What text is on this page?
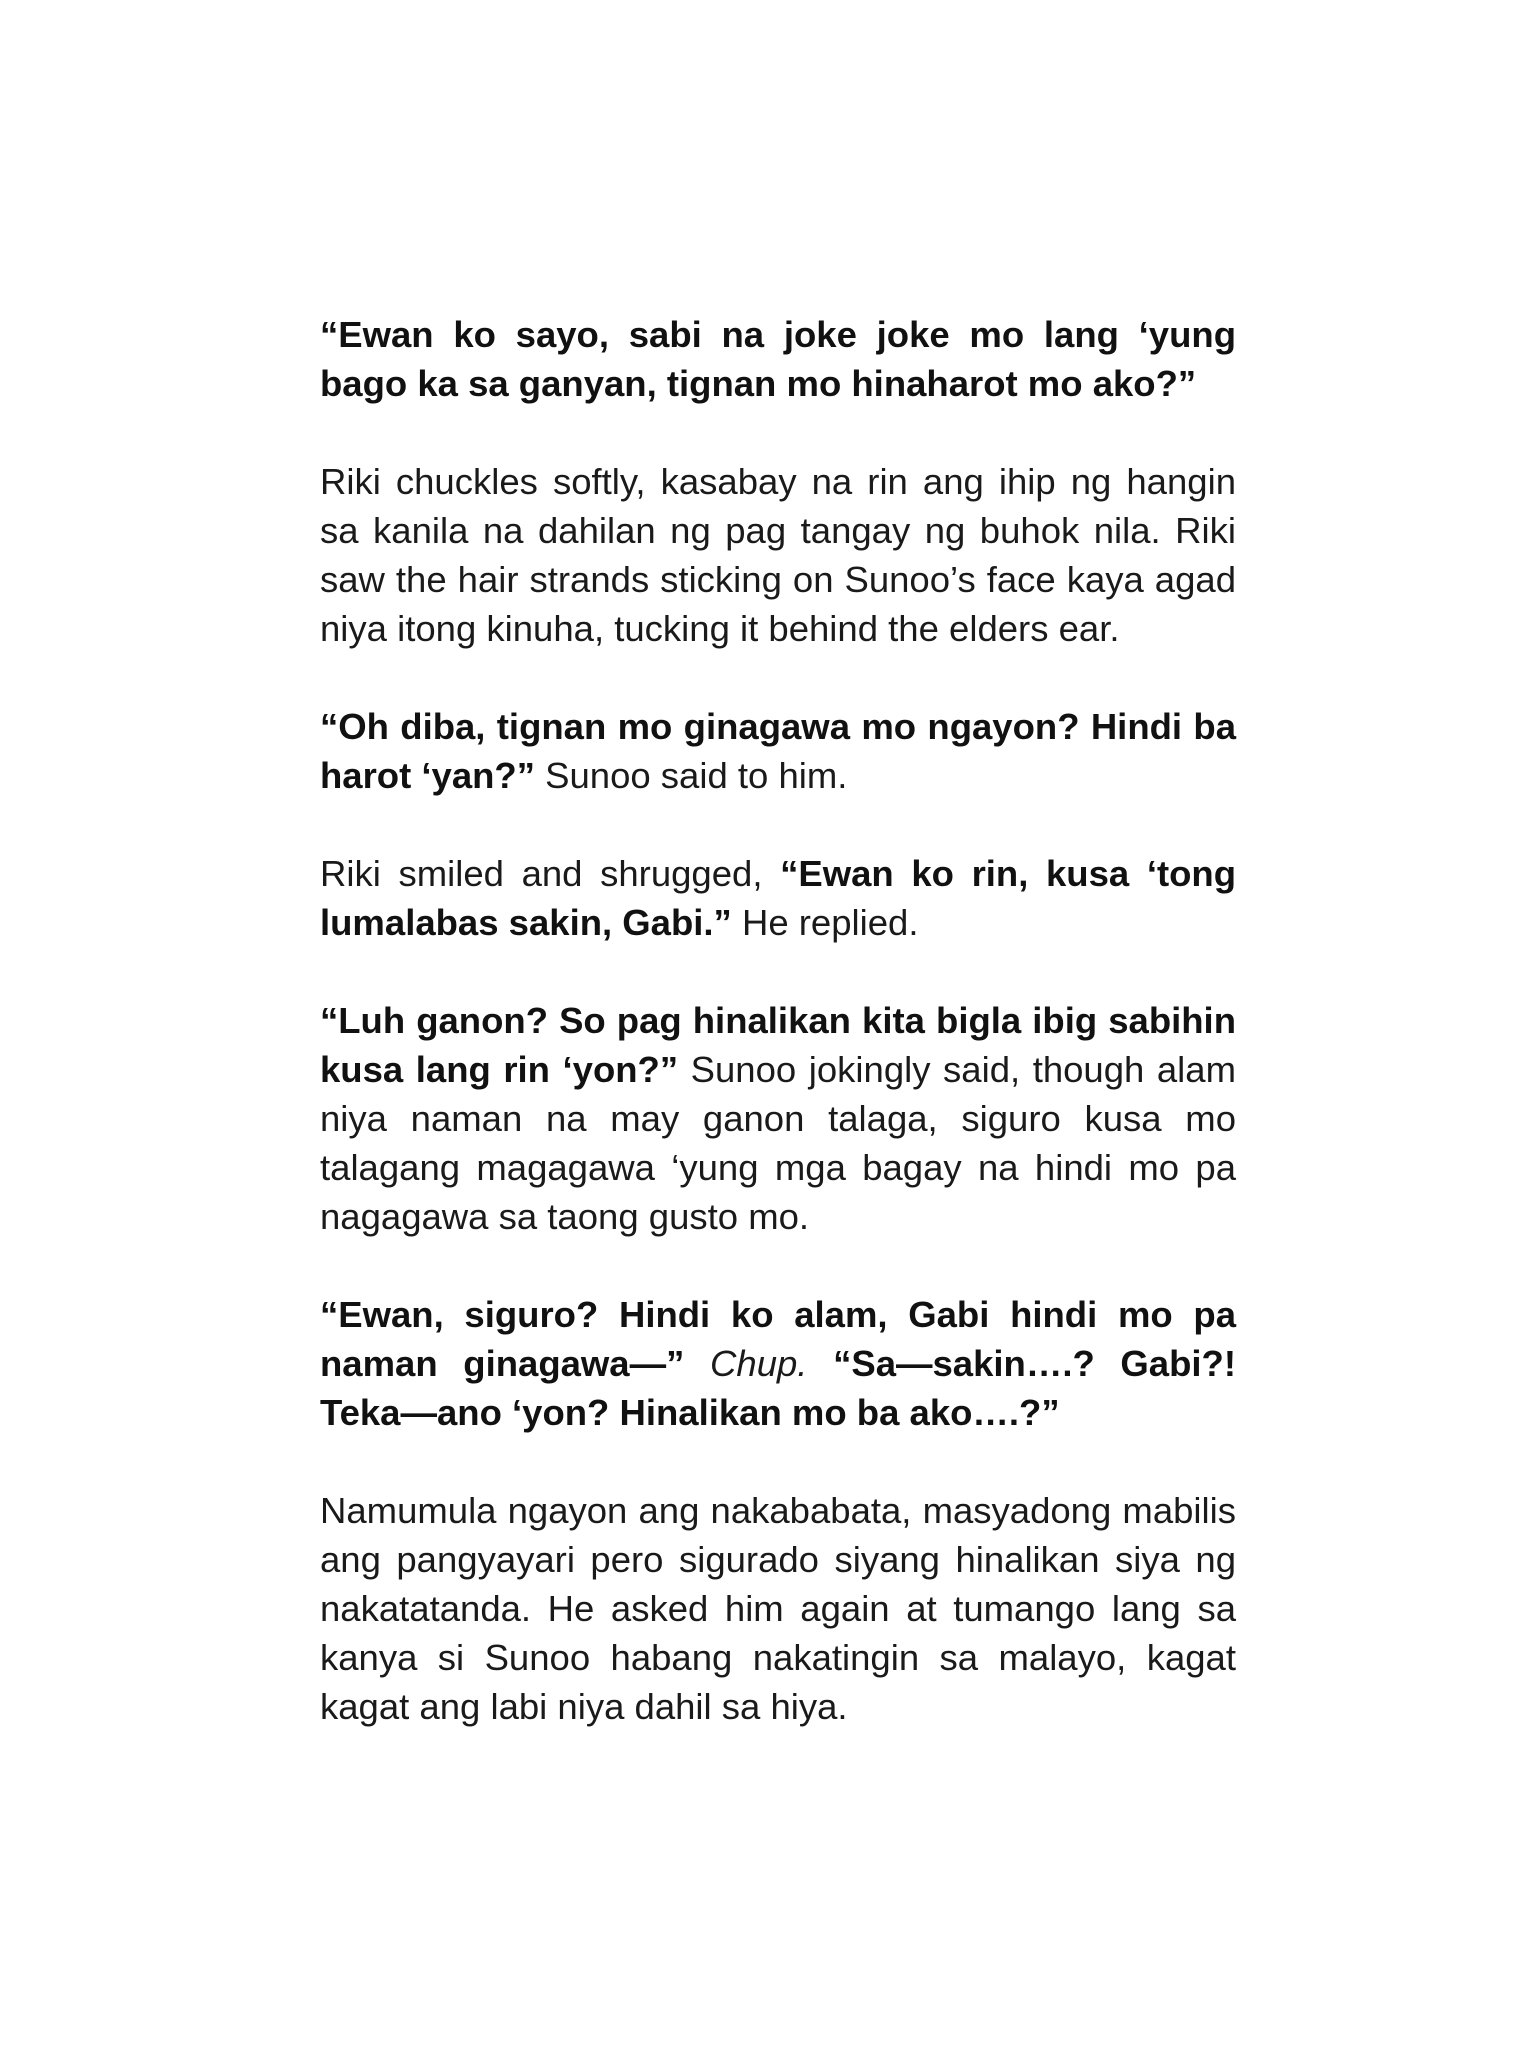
“Ewan ko sayo, sabi na joke joke mo lang ‘yung bago ka sa ganyan, tignan mo hinaharot mo ako?”

Riki chuckles softly, kasabay na rin ang ihip ng hangin sa kanila na dahilan ng pag tangay ng buhok nila. Riki saw the hair strands sticking on Sunoo’s face kaya agad niya itong kinuha, tucking it behind the elders ear.

“Oh diba, tignan mo ginagawa mo ngayon? Hindi ba harot ‘yan?” Sunoo said to him.

Riki smiled and shrugged, “Ewan ko rin, kusa ‘tong lumalabas sakin, Gabi.” He replied.

“Luh ganon? So pag hinalikan kita bigla ibig sabihin kusa lang rin ‘yon?” Sunoo jokingly said, though alam niya naman na may ganon talaga, siguro kusa mo talagang magagawa ‘yung mga bagay na hindi mo pa nagagawa sa taong gusto mo.

“Ewan, siguro? Hindi ko alam, Gabi hindi mo pa naman ginagawa—” Chup. “Sa—sakin….? Gabi?! Teka—ano ‘yon? Hinalikan mo ba ako….?”

Namumula ngayon ang nakababata, masyadong mabilis ang pangyayari pero sigurado siyang hinalikan siya ng nakatatanda. He asked him again at tumango lang sa kanya si Sunoo habang nakatingin sa malayo, kagat kagat ang labi niya dahil sa hiya.
